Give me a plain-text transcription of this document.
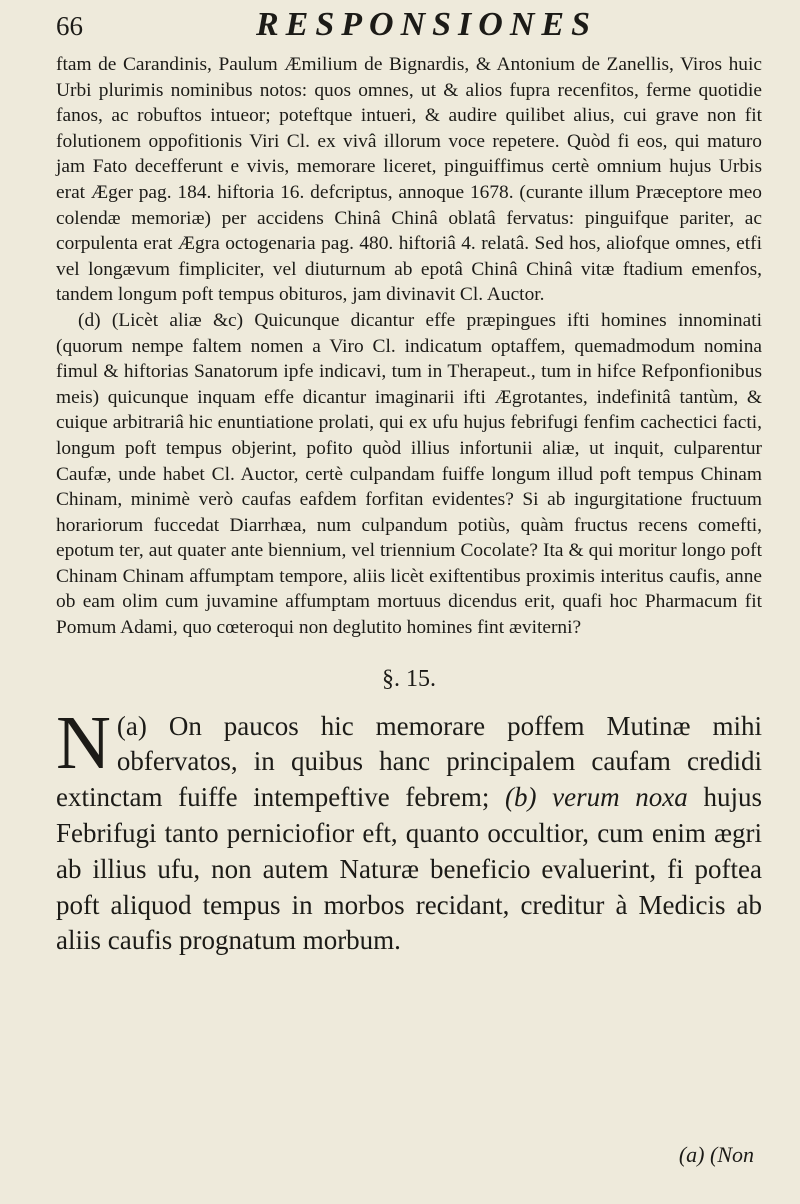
66	RESPONSIONES

ftam de Carandinis, Paulum Æmilium de Bignardis, & Antonium de Zanellis, Viros huic Urbi plurimis nominibus notos: quos omnes, ut & alios fupra recenfitos, ferme quotidie fanos, ac robuftos intueor; poteftque intueri, & audire quilibet alius, cui grave non fit folutionem oppofitionis Viri Cl. ex vivâ illorum voce repetere. Quòd fi eos, qui maturo jam Fato decefferunt e vivis, memorare liceret, pinguiffimus certè omnium hujus Urbis erat Æger pag. 184. hiftoria 16. defcriptus, annoque 1678. (curante illum Præceptore meo colendæ memoriæ) per accidens Chinâ Chinâ oblatâ fervatus: pinguifque pariter, ac corpulenta erat Ægra octogenaria pag. 480. hiftoriâ 4. relatâ. Sed hos, aliofque omnes, etfi vel longævum fimpliciter, vel diuturnum ab epotâ Chinâ Chinâ vitæ ftadium emenfos, tandem longum poft tempus obituros, jam divinavit Cl. Auctor.

(d) (Licèt aliæ &c) Quicunque dicantur effe præpingues ifti homines innominati (quorum nempe faltem nomen a Viro Cl. indicatum optaffem, quemadmodum nomina fimul & hiftorias Sanatorum ipfe indicavi, tum in Therapeut., tum in hifce Refponfionibus meis) quicunque inquam effe dicantur imaginarii ifti Ægrotantes, indefinitâ tantùm, & cuique arbitrariâ hic enuntiatione prolati, qui ex ufu hujus febrifugi fenfim cachectici facti, longum poft tempus objerint, pofito quòd illius infortunii aliæ, ut inquit, culparentur Caufæ, unde habet Cl. Auctor, certè culpandam fuiffe longum illud poft tempus Chinam Chinam, minimè verò caufas eafdem forfitan evidentes? Si ab ingurgitatione fructuum horariorum fuccedat Diarrhæa, num culpandum potiùs, quàm fructus recens comefti, epotum ter, aut quater ante biennium, vel triennium Cocolate? Ita & qui moritur longo poft Chinam Chinam affumptam tempore, aliis licèt exiftentibus proximis interitus caufis, anne ob eam olim cum juvamine affumptam mortuus dicendus erit, quafi hoc Pharmacum fit Pomum Adami, quo cœteroqui non deglutito homines fint æviterni?

§. 15.

(a)
N On paucos hic memorare poffem Mutinæ mihi obfervatos, in quibus hanc principalem caufam credidi extinctam fuiffe intempeftive febrem; (b) verum noxa hujus Febrifugi tanto perniciofior eft, quanto occultior, cum enim ægri ab illius ufu, non autem Naturæ beneficio evaluerint, fi poftea poft aliquod tempus in morbos recidant, creditur à Medicis ab aliis caufis prognatum morbum.

(a) (Non
